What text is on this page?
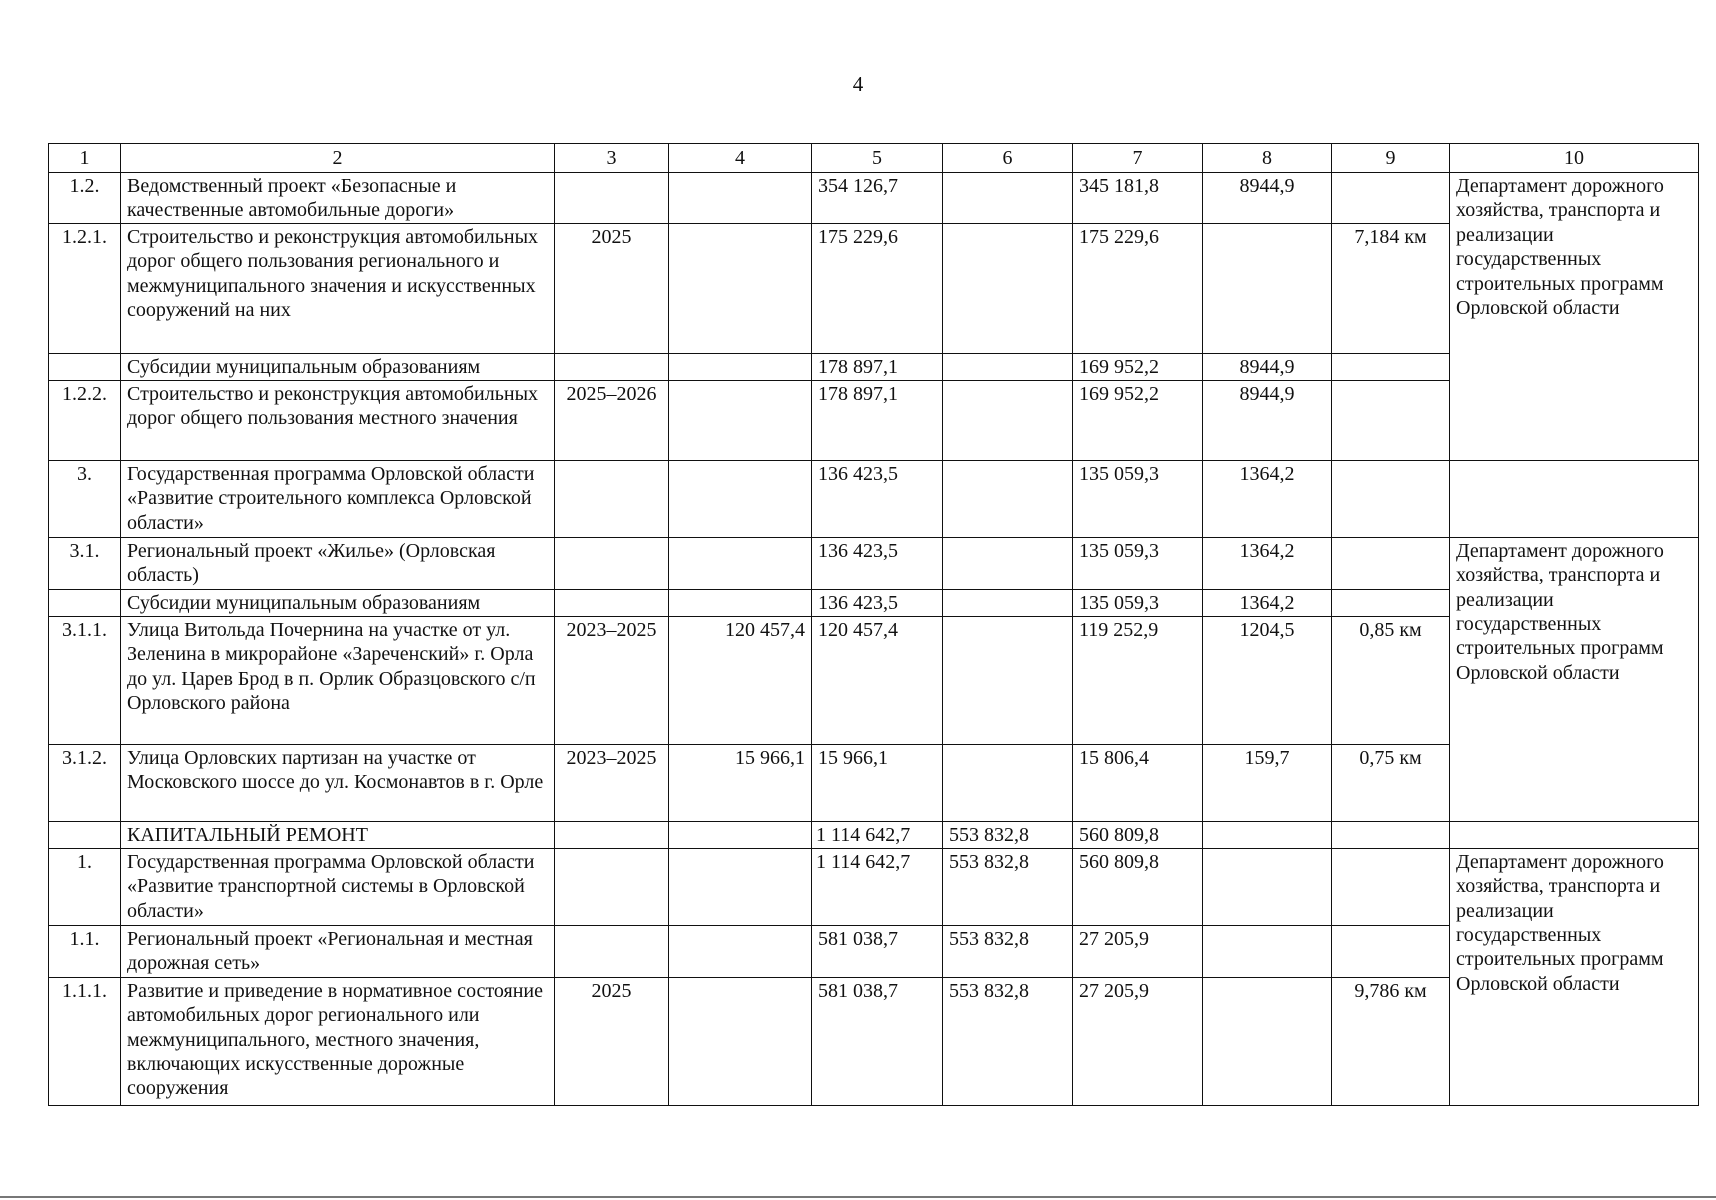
4
1	2	3	4	5	6	7	8	9	10
1.2.	Ведомственный проект «Безопасные и качественные автомобильные дороги»			354 126,7		345 181,8	8944,9		Департамент дорожного хозяйства, транспорта и реализации государственных строительных программ Орловской области
1.2.1.	Строительство и реконструкция автомобильных дорог общего пользования регионального и межмуниципального значения и искусственных сооружений на них	2025		175 229,6		175 229,6		7,184 км	
	Субсидии муниципальным образованиям			178 897,1		169 952,2	8944,9		
1.2.2.	Строительство и реконструкция автомобильных дорог общего пользования местного значения	2025–2026		178 897,1		169 952,2	8944,9		
3.	Государственная программа Орловской области «Развитие строительного комплекса Орловской области»			136 423,5		135 059,3	1364,2		
3.1.	Региональный проект «Жилье» (Орловская область)			136 423,5		135 059,3	1364,2		Департамент дорожного хозяйства, транспорта и реализации государственных строительных программ Орловской области
	Субсидии муниципальным образованиям			136 423,5		135 059,3	1364,2		
3.1.1.	Улица Витольда Почернина на участке от ул. Зеленина в микрорайоне «Зареченский» г. Орла до ул. Царев Брод в п. Орлик Образцовского с/п Орловского района	2023–2025	120 457,4	120 457,4		119 252,9	1204,5	0,85 км	
3.1.2.	Улица Орловских партизан на участке от Московского шоссе до ул. Космонавтов в г. Орле	2023–2025	15 966,1	15 966,1		15 806,4	159,7	0,75 км	
	КАПИТАЛЬНЫЙ РЕМОНТ			1 114 642,7	553 832,8	560 809,8			
1.	Государственная программа Орловской области «Развитие транспортной системы в Орловской области»			1 114 642,7	553 832,8	560 809,8			Департамент дорожного хозяйства, транспорта и реализации государственных строительных программ Орловской области
1.1.	Региональный проект «Региональная и местная дорожная сеть»			581 038,7	553 832,8	27 205,9			
1.1.1.	Развитие и приведение в нормативное состояние автомобильных дорог регионального или межмуниципального, местного значения, включающих искусственные дорожные сооружения	2025		581 038,7	553 832,8	27 205,9		9,786 км	
